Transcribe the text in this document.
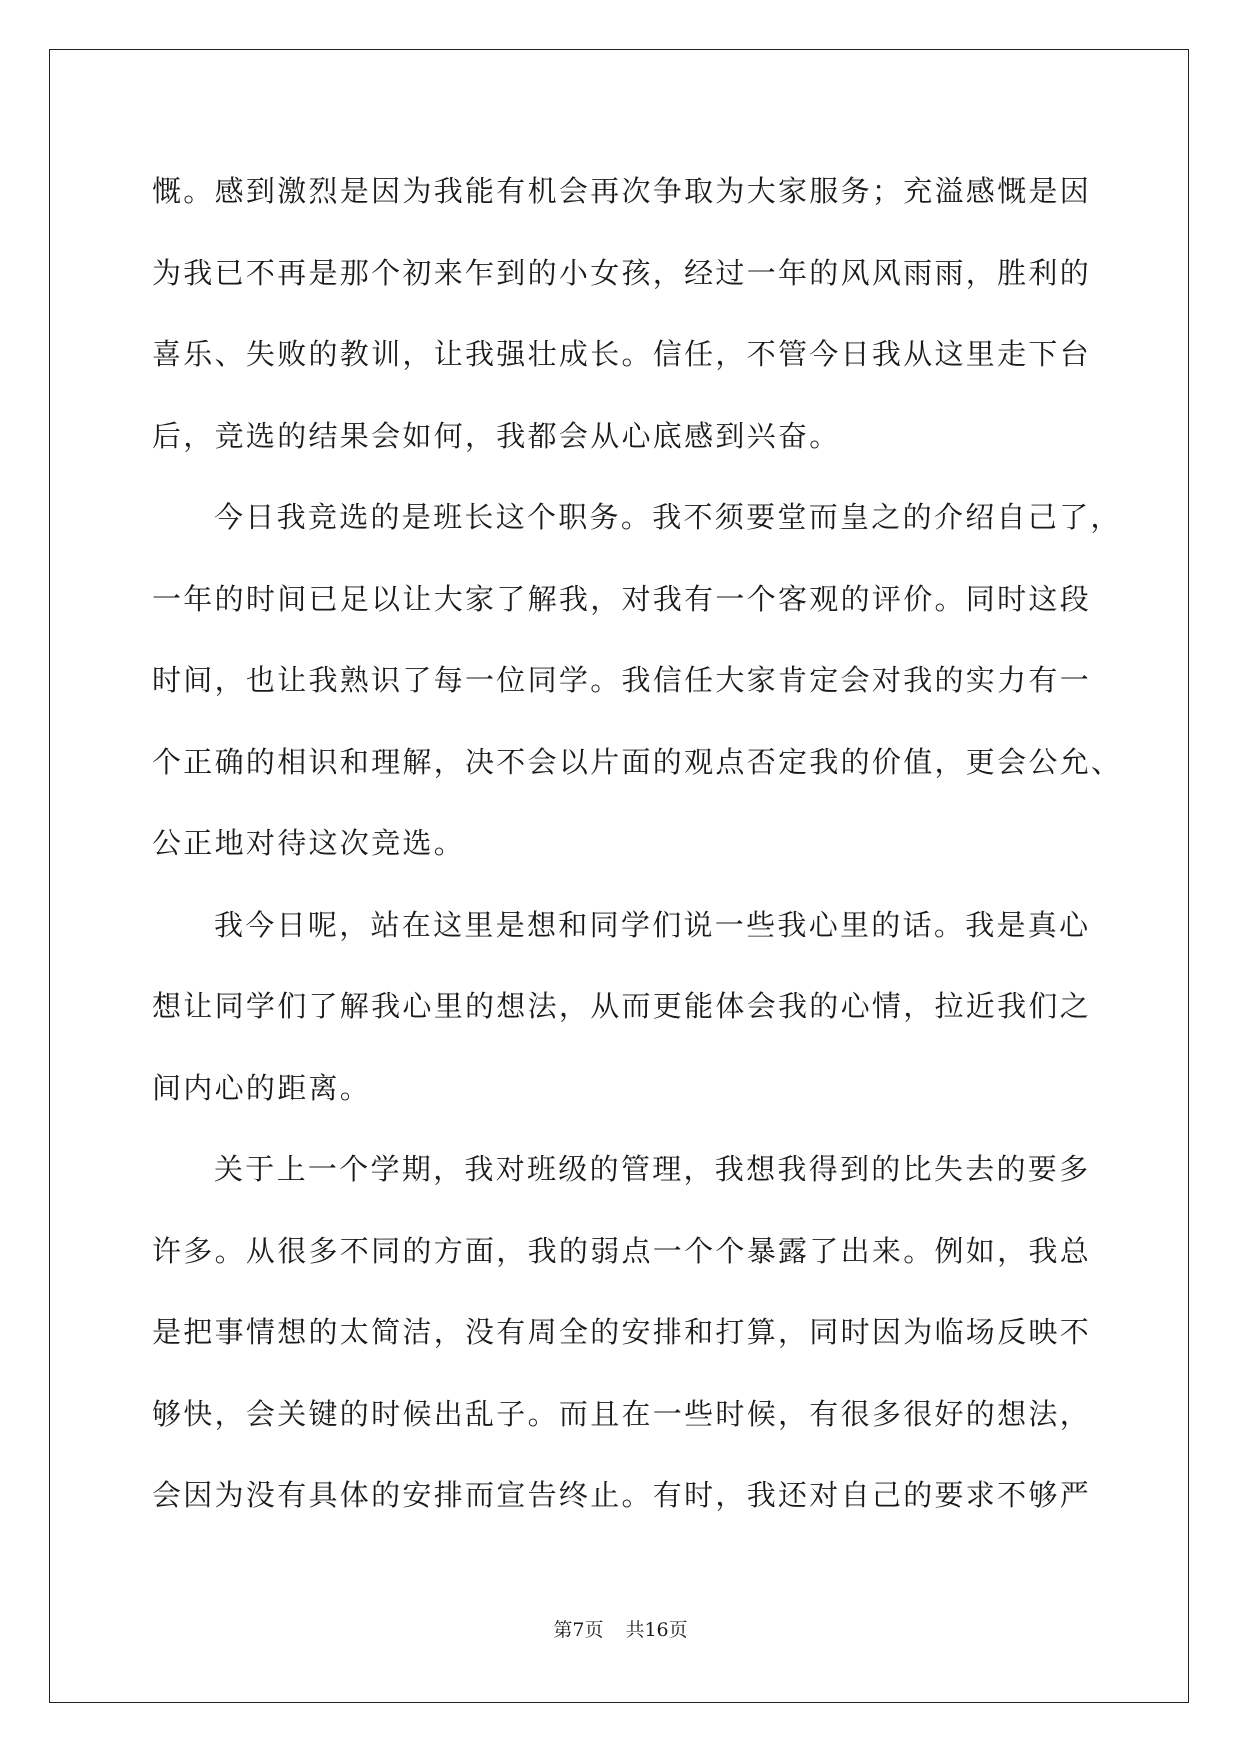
慨。感到激烈是因为我能有机会再次争取为大家服务；充溢感慨是因
为我已不再是那个初来乍到的小女孩，经过一年的风风雨雨，胜利的
喜乐、失败的教训，让我强壮成长。信任，不管今日我从这里走下台
后，竞选的结果会如何，我都会从心底感到兴奋。
今日我竞选的是班长这个职务。我不须要堂而皇之的介绍自己了，
一年的时间已足以让大家了解我，对我有一个客观的评价。同时这段
时间，也让我熟识了每一位同学。我信任大家肯定会对我的实力有一
个正确的相识和理解，决不会以片面的观点否定我的价值，更会公允、
公正地对待这次竞选。
我今日呢，站在这里是想和同学们说一些我心里的话。我是真心
想让同学们了解我心里的想法，从而更能体会我的心情，拉近我们之
间内心的距离。
关于上一个学期，我对班级的管理，我想我得到的比失去的要多
许多。从很多不同的方面，我的弱点一个个暴露了出来。例如，我总
是把事情想的太简洁，没有周全的安排和打算，同时因为临场反映不
够快，会关键的时候出乱子。而且在一些时候，有很多很好的想法，
会因为没有具体的安排而宣告终止。有时，我还对自己的要求不够严
第7页 共16页
